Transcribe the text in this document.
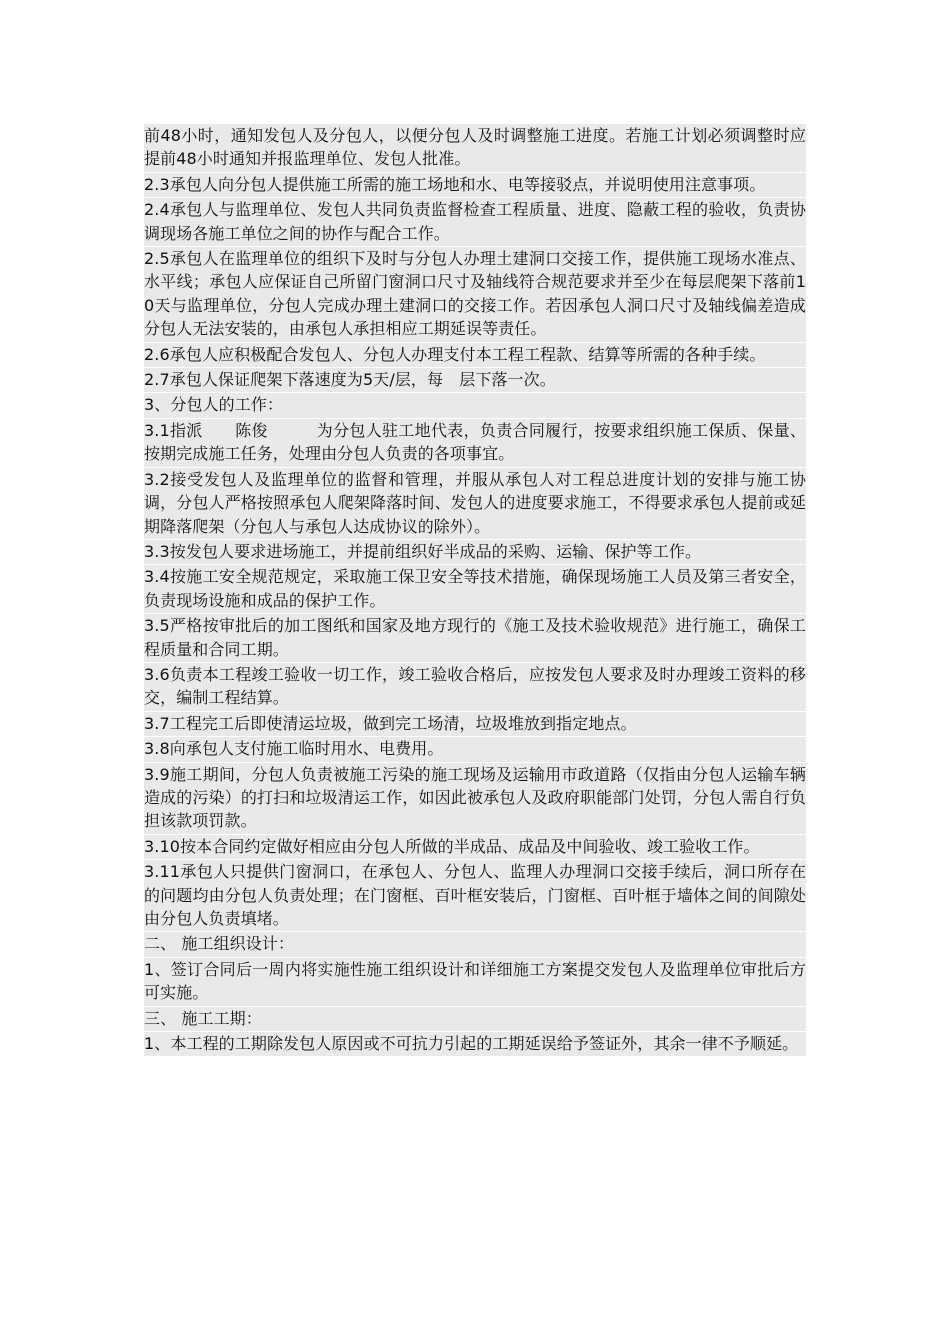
前48小时，通知发包人及分包人，以便分包人及时调整施工进度。若施工计划必须调整时应提前48小时通知并报监理单位、发包人批准。

2.3承包人向分包人提供施工所需的施工场地和水、电等接驳点，并说明使用注意事项。

2.4承包人与监理单位、发包人共同负责监督检查工程质量、进度、隐蔽工程的验收，负责协调现场各施工单位之间的协作与配合工作。

2.5承包人在监理单位的组织下及时与分包人办理土建洞口交接工作，提供施工现场水准点、水平线；承包人应保证自己所留门窗洞口尺寸及轴线符合规范要求并至少在每层爬架下落前10天与监理单位，分包人完成办理土建洞口的交接工作。若因承包人洞口尺寸及轴线偏差造成分包人无法安装的，由承包人承担相应工期延误等责任。

2.6承包人应积极配合发包人、分包人办理支付本工程工程款、结算等所需的各种手续。

2.7承包人保证爬架下落速度为5天/层，每　层下落一次。

3、分包人的工作：

3.1指派　　陈俊　　　为分包人驻工地代表，负责合同履行，按要求组织施工保质、保量、按期完成施工任务，处理由分包人负责的各项事宜。

3.2接受发包人及监理单位的监督和管理，并服从承包人对工程总进度计划的安排与施工协调，分包人严格按照承包人爬架降落时间、发包人的进度要求施工，不得要求承包人提前或延期降落爬架（分包人与承包人达成协议的除外）。

3.3按发包人要求进场施工，并提前组织好半成品的采购、运输、保护等工作。

3.4按施工安全规范规定，采取施工保卫安全等技术措施，确保现场施工人员及第三者安全，负责现场设施和成品的保护工作。

3.5严格按审批后的加工图纸和国家及地方现行的《施工及技术验收规范》进行施工，确保工程质量和合同工期。

3.6负责本工程竣工验收一切工作，竣工验收合格后，应按发包人要求及时办理竣工资料的移交，编制工程结算。

3.7工程完工后即使清运垃圾，做到完工场清，垃圾堆放到指定地点。

3.8向承包人支付施工临时用水、电费用。

3.9施工期间，分包人负责被施工污染的施工现场及运输用市政道路（仅指由分包人运输车辆造成的污染）的打扫和垃圾清运工作，如因此被承包人及政府职能部门处罚，分包人需自行负担该款项罚款。

3.10按本合同约定做好相应由分包人所做的半成品、成品及中间验收、竣工验收工作。

3.11承包人只提供门窗洞口，在承包人、分包人、监理人办理洞口交接手续后，洞口所存在的问题均由分包人负责处理；在门窗框、百叶框安装后，门窗框、百叶框于墙体之间的间隙处由分包人负责填堵。

二、 施工组织设计：

1、签订合同后一周内将实施性施工组织设计和详细施工方案提交发包人及监理单位审批后方可实施。

三、 施工工期：

1、本工程的工期除发包人原因或不可抗力引起的工期延误给予签证外，其余一律不予顺延。
